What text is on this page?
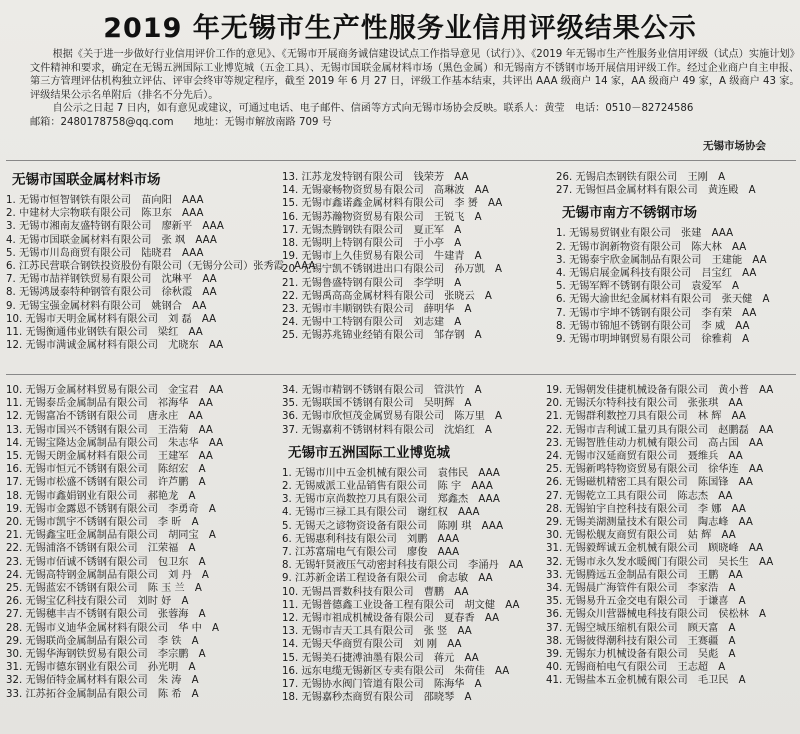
2019 年无锡市生产性服务业信用评级结果公示

根据《关于进一步做好行业信用评价工作的意见》、《无锡市开展商务诚信建设试点工作指导意见（试行）》、《2019 年无锡市生产性服务业信用评级（试点）实施计划》文件精神和要求，确定在无锡五洲国际工业博览城（五金工具）、无锡市国联金属材料市场（黑色金属）和无锡南方不锈钢市场开展信用评级工作。经过企业商户自主申报、第三方管理评估机构独立评估、评审会终审等规定程序，截至 2019 年 6 月 27 日，评级工作基本结束，共评出 AAA 级商户 14 家，AA 级商户 49 家，A 级商户 43 家。评级结果公示名单附后（排名不分先后）。

自公示之日起 7 日内，如有意见或建议，可通过电话、电子邮件、信函等方式向无锡市场协会反映。联系人：黄莹　电话：0510－82724586

邮箱：2480178758@qq.com　　地址：无锡市解放南路 709 号

无锡市场协会
无锡市国联金属材料市场
1. 无锡市恒智钢铁有限公司　苗向阳　AAA
2. 中建材大宗物联有限公司　陈卫东　AAA
3. 无锡市湘南友盛特钢有限公司　廖新平　AAA
4. 无锡市国联金属材料有限公司　张 飒　AAA
5. 无锡市川岛商贸有限公司　陆晓君　AAA
6. 江苏民营联合钢铁投资股份有限公司（无锡分公司）张秀霞　AAA
7. 无锡市喆祥钢铁贸易有限公司　沈琳平　AA
8. 无锡鸿晟泰特种钢管有限公司　徐秋霞　AA
9. 无锡宝强金属材料有限公司　姚钢合　AA
10. 无锡市天明金属材料有限公司　刘 磊　AA
11. 无锡衡通伟业钢铁有限公司　梁红　AA
12. 无锡市满诚金属材料有限公司　尤晓东　AA
13. 江苏龙发特钢有限公司　钱荣芳　AA
14. 无锡豪畅物资贸易有限公司　高琳波　AA
15. 无锡市鑫诺鑫金属材料有限公司　李 赟　AA
16. 无锡苏瀚物资贸易有限公司　王锐飞　A
17. 无锡杰腾钢铁有限公司　夏正军　A
18. 无锡明上特钢有限公司　于小亭　A
19. 无锡市上久佳贸易有限公司　牛建青　A
20. 无锡宁凯不锈钢进出口有限公司　孙万凯　A
21. 无锡鲁盛特钢有限公司　李学明　A
22. 无锡禹高高金属材料有限公司　张晓云　A
23. 无锡市丰顺钢铁有限公司　薛明华　A
24. 无锡中工特钢有限公司　刘志建　A
25. 无锡苏兆锦业经销有限公司　邹存钢　A
26. 无锡启杰钢铁有限公司　王刚　A
27. 无锡恒昌金属材料有限公司　黄连殿　A
无锡市南方不锈钢市场
1. 无锡易贸钢业有限公司　张建　AAA
2. 无锡市润新物资有限公司　陈大林　AA
3. 无锡泰宇欣金属制品有限公司　王建能　AA
4. 无锡启展金属科技有限公司　吕宝红　AA
5. 无锡军辉不锈钢有限公司　袁爱军　A
6. 无锡大渝世纪金属材料有限公司　张天健　A
7. 无锡市宇坤不锈钢有限公司　李有荣　AA
8. 无锡市锦旭不锈钢有限公司　李 威　AA
9. 无锡市明坤钢贸易有限公司　徐雅莉　A
10. 无锡万金属材料贸易有限公司　金宝君　AA
11. 无锡泰岳金属制品有限公司　祁海华　AA
12. 无锡富冶不锈钢有限公司　唐永庄　AA
13. 无锡市国兴不锈钢有限公司　王浩菊　AA
14. 无锡宝隆达金属制品有限公司　朱志华　AA
15. 无锡天朗金属材料有限公司　王建军　AA
16. 无锡市恒元不锈钢有限公司　陈绍宏　A
17. 无锡市松盛不锈钢有限公司　许芦鹏　A
18. 无锡市鑫娟钢业有限公司　郝艳龙　A
19. 无锡市金露恩不锈钢有限公司　李勇奇　A
20. 无锡市凯宇不锈钢有限公司　李 昕　A
21. 无锡鑫宝旺金属制品有限公司　胡同宝　A
22. 无锡浦洛不锈钢有限公司　江荣福　A
23. 无锡市佰诚不锈钢有限公司　包卫东　A
24. 无锡高特钢金属制品有限公司　刘 丹　A
25. 无锡蓝宏不锈钢有限公司　陈 玉 兰　A
26. 无锡宝亿科技有限公司　刘时 妤　A
27. 无锡穗丰吉不锈钢有限公司　张蓉海　A
28. 无锡市义迪华金属材料有限公司　华 中　A
29. 无锡联尚金属制品有限公司　李 铁　A
30. 无锡华海钢铁贸易有限公司　李宗鹏　A
31. 无锡市德东钢业有限公司　孙光明　A
32. 无锡佰特金属材料有限公司　朱 涛　A
33. 江苏拓谷金属制品有限公司　陈 希　A
34. 无锡市精钢不锈钢有限公司　管洪竹　A
35. 无锡联国不锈钢有限公司　吴明辉　A
36. 无锡市欣恒茂金属贸易有限公司　陈万里　A
37. 无锡嘉莉不锈钢材料有限公司　沈焰红　A
无锡市五洲国际工业博览城
1. 无锡市川中五金机械有限公司　袁伟民　AAA
2. 无锡威派工业品销售有限公司　陈 宇　AAA
3. 无锡市京尚数控刀具有限公司　郑鑫杰　AAA
4. 无锡市三禄工具有限公司　谢红权　AAA
5. 无锡天之谚物资设备有限公司　陈刚 琪　AAA
6. 无锡惠利科技有限公司　刘鹏　AAA
7. 江苏富瑞电气有限公司　廖俊　AAA
8. 无锡轩贤液压气动密封科技有限公司　李涌丹　AA
9. 江苏新金诺工程设备有限公司　俞志敏　AA
10. 无锡昌晋数科技有限公司　曹鹏　AA
11. 无锡普德鑫工业设备工程有限公司　胡文健　AA
12. 无锡市祖成机械设备有限公司　夏春香　AA
13. 无锡市吉天工具有限公司　张 竖　AA
14. 无锡天华商贸有限公司　刘 刚　AA
15. 无锡美石捷溥油墨有限公司　蒋元　AA
16. 远东电缆无锡新区专卖有限公司　朱荷佳　AA
17. 无锡协水阀门管道有限公司　陈海华　A
18. 无锡嘉秒杰商贸有限公司　邵晓琴　A
19. 无锡朝发佳捷机械设备有限公司　黄小普　AA
20. 无锡沃尔特科技有限公司　张张琪　AA
21. 无锡群利数控刀具有限公司　林 辉　AA
22. 无锡市吉利诚工量刃具有限公司　赵鹏磊　AA
23. 无锡智胜佳动力机械有限公司　高占国　AA
24. 无锡市汉延商贸有限公司　聂维兵　AA
25. 无锡新鸣特物资贸易有限公司　徐华连　AA
26. 无锡磁机精密工具有限公司　陈国锋　AA
27. 无锡乾立工具有限公司　陈志杰　AA
28. 无锡铂宇自控科技有限公司　李 娜　AA
29. 无锡美湖测量技术有限公司　陶志峰　AA
30. 无锡松舰友商贸有限公司　姑 辉　AA
31. 无锡毅辉诚五金机械有限公司　顾晓峰　AA
32. 无锡市永久发水暖阀门有限公司　吴长生　AA
33. 无锡腾远五金制品有限公司　王鹏　AA
34. 无锡晨广海管件有限公司　李家浩　A
35. 无锡易升五金交电有限公司　于谦喜　A
36. 无锡众川营器械电科技有限公司　侯松林　A
37. 无锡空城压缩机有限公司　顾天富　A
38. 无锡彼得潮科技有限公司　王赛疆　A
39. 无锡东力机械设备有限公司　吴彪　A
40. 无锡商柏电气有限公司　王志超　A
41. 无锡盐本五金机械有限公司　毛卫民　A
